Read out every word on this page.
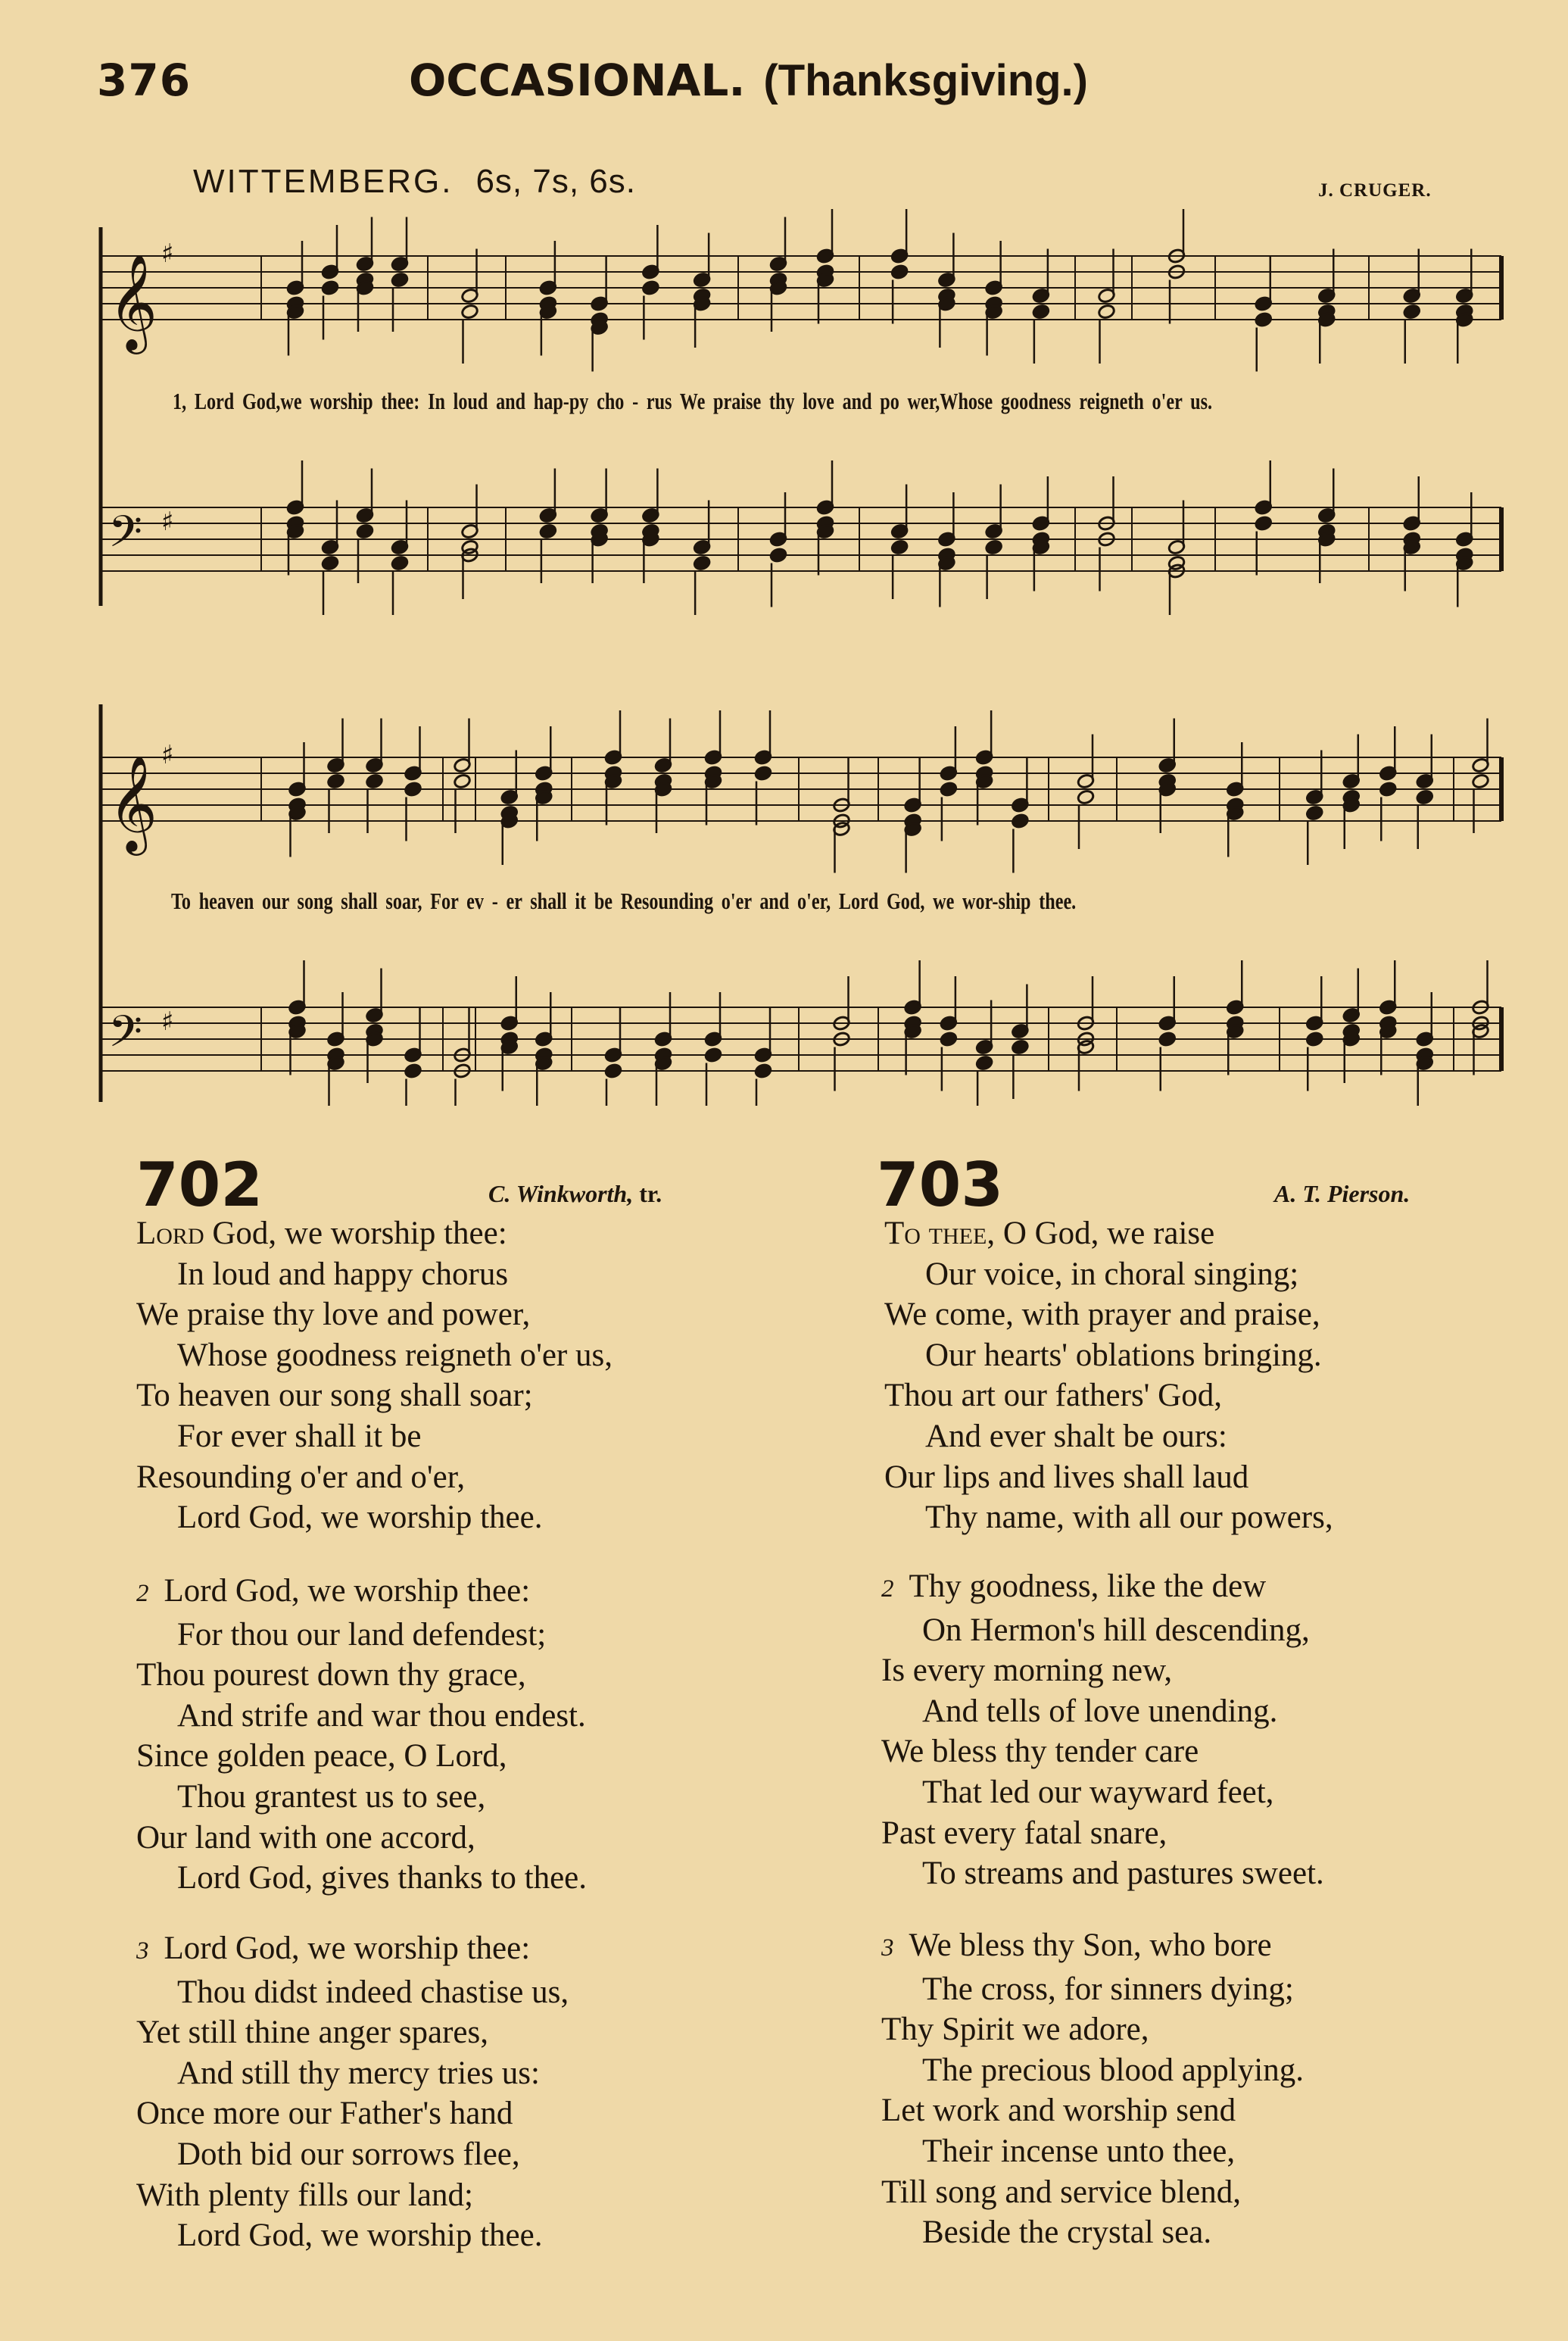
376	OCCASIONAL. (Thanksgiving.)
WITTEMBERG. 6s, 7s, 6s.	J. CRUGER.
𝄞 ♯
𝄢 ♯
𝄞 ♯
𝄢 ♯
1, Lord God,we worship thee: In loud and hap-py cho - rus We praise thy love and po wer,Whose goodness reigneth o'er us.
To heaven our song shall soar, For ev - er shall it be Resounding o'er and o'er, Lord God, we wor-ship thee.
702	C. Winkworth, tr.
Lord God, we worship thee:
In loud and happy chorus
We praise thy love and power,
Whose goodness reigneth o'er us,
To heaven our song shall soar;
For ever shall it be
Resounding o'er and o'er,
Lord God, we worship thee.
2 Lord God, we worship thee:
For thou our land defendest;
Thou pourest down thy grace,
And strife and war thou endest.
Since golden peace, O Lord,
Thou grantest us to see,
Our land with one accord,
Lord God, gives thanks to thee.
3 Lord God, we worship thee:
Thou didst indeed chastise us,
Yet still thine anger spares,
And still thy mercy tries us:
Once more our Father's hand
Doth bid our sorrows flee,
With plenty fills our land;
Lord God, we worship thee.
703	A. T. Pierson.
To thee, O God, we raise
Our voice, in choral singing;
We come, with prayer and praise,
Our hearts' oblations bringing.
Thou art our fathers' God,
And ever shalt be ours:
Our lips and lives shall laud
Thy name, with all our powers,
2 Thy goodness, like the dew
On Hermon's hill descending,
Is every morning new,
And tells of love unending.
We bless thy tender care
That led our wayward feet,
Past every fatal snare,
To streams and pastures sweet.
3 We bless thy Son, who bore
The cross, for sinners dying;
Thy Spirit we adore,
The precious blood applying.
Let work and worship send
Their incense unto thee,
Till song and service blend,
Beside the crystal sea.
